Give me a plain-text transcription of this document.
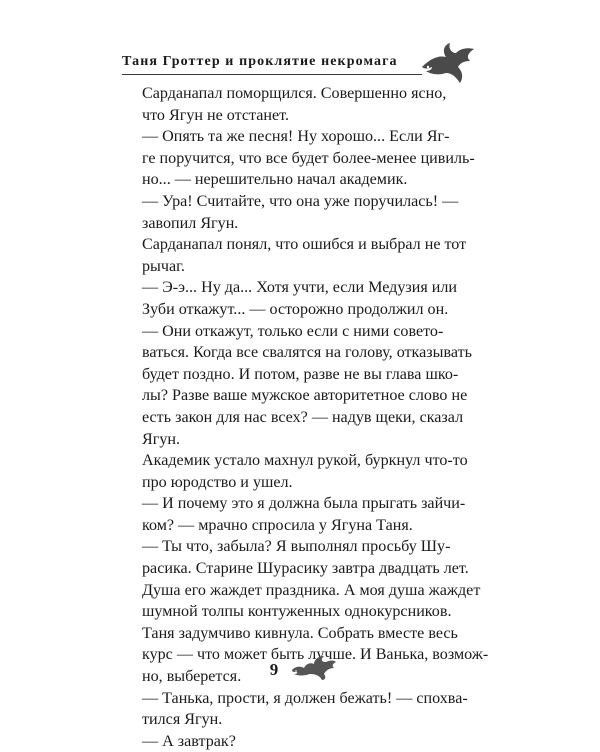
Таня Гроттер и проклятие некромага

Сарданапал поморщился. Совершенно ясно,
что Ягун не отстанет.

— Опять та же песня! Ну хорошо... Если Яг-
ге поручится, что все будет более-менее цивиль-
но... — нерешительно начал академик.

— Ура! Считайте, что она уже поручилась! —
завопил Ягун.

Сарданапал понял, что ошибся и выбрал не тот
рычаг.

— Э-э... Ну да... Хотя учти, если Медузия или
Зуби откажут... — осторожно продолжил он.

— Они откажут, только если с ними совето-
ваться. Когда все свалятся на голову, отказывать
будет поздно. И потом, разве не вы глава шко-
лы? Разве ваше мужское авторитетное слово не
есть закон для нас всех? — надув щеки, сказал
Ягун.

Академик устало махнул рукой, буркнул что-то
про юродство и ушел.

— И почему это я должна была прыгать зайчи-
ком? — мрачно спросила у Ягуна Таня.

— Ты что, забыла? Я выполнял просьбу Шу-
расика. Старине Шурасику завтра двадцать лет.
Душа его жаждет праздника. А моя душа жаждет
шумной толпы контуженных однокурсников.

Таня задумчиво кивнула. Собрать вместе весь
курс — что может быть лучше. И Ванька, возмож-
но, выберется.

— Танька, прости, я должен бежать! — спохва-
тился Ягун.

— А завтрак?

9
